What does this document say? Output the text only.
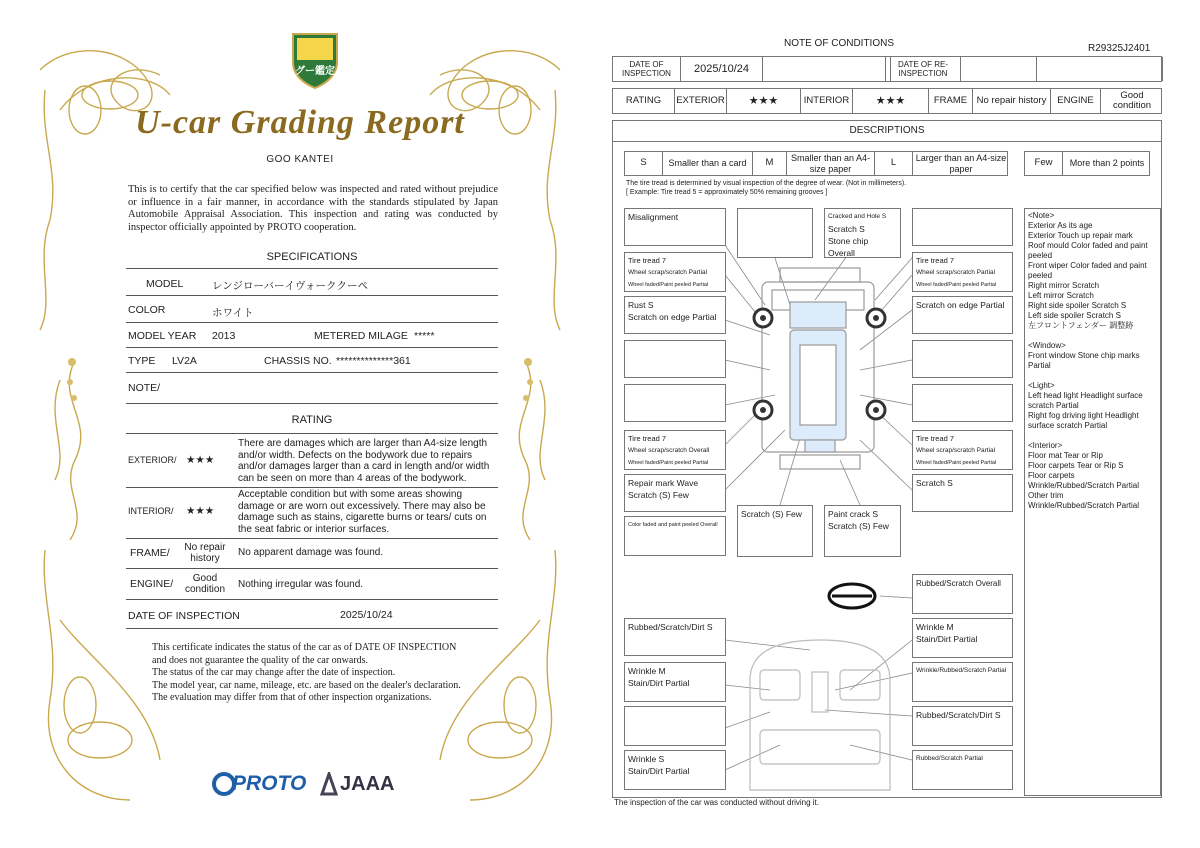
グー鑑定
U-car Grading Report
GOO KANTEI
This is to certify that the car specified below was inspected and rated without prejudice or influence in a fair manner, in accordance with the standards stipulated by Japan Automobile Appraisal Association. This inspection and rating was conducted by inspector officially appointed by PROTO cooperation.
SPECIFICATIONS
MODEL	レンジローバーイヴォーククーペ
COLOR	ホワイト
MODEL YEAR 2013	METERED MILAGE *****
TYPE LV2A	CHASSIS NO. **************361
NOTE/
RATING
EXTERIOR/ ★★★
There are damages which are larger than A4-size length and/or width. Defects on the bodywork due to repairs and/or damages larger than a card in length and/or width can be seen on more than 4 areas of the bodywork.
INTERIOR/ ★★★
Acceptable condition but with some areas showing damage or are worn out excessively. There may also be damage such as stains, cigarette burns or tears/ cuts on the seat fabric or interior surfaces.
FRAME/	No repair history
No apparent damage was found.
ENGINE/	Good condition	Nothing irregular was found.
DATE OF INSPECTION	2025/10/24
This certificate indicates the status of the car as of DATE OF INSPECTION and does not guarantee the quality of the car onwards.
The status of the car may change after the date of inspection.
The model year, car name, mileage, etc. are based on the dealer's declaration.
The evaluation may differ from that of other inspection organizations.
PROTO JAAA
NOTE OF CONDITIONS	R29325J2401
DATE OF INSPECTION	2025/10/24	DATE OF RE-INSPECTION
RATING	EXTERIOR	★★★	INTERIOR	★★★	FRAME	No repair history	ENGINE	Good condition
DESCRIPTIONS
S	Smaller than a card	M	Smaller than an A4-size paper
L	Larger than an A4-size paper
Few	More than 2 points
The tire tread is determined by visual inspection of the degree of wear. (Not in millimeters).
[ Example: Tire tread 5 = approximately 50% remaining grooves ]
Misalignment	Cracked and Hole S
Scratch S
Stone chip Overall
Tire tread 7
Wheel scrap/scratch Partial
Wheel faded/Paint peeled Partial
Tire tread 7
Wheel scrap/scratch Partial
Wheel faded/Paint peeled Partial
Rust S
Scratch on edge Partial
Scratch on edge Partial
Tire tread 7
Wheel scrap/scratch Overall
Wheel faded/Paint peeled Partial
Tire tread 7
Wheel scrap/scratch Partial
Wheel faded/Paint peeled Partial
Repair mark Wave
Scratch (S) Few
Scratch S
Color faded and paint peeled Overall
Scratch (S) Few	Paint crack S
Scratch (S) Few
Rubbed/Scratch Overall
Rubbed/Scratch/Dirt S	Wrinkle M
Stain/Dirt Partial
Wrinkle M
Stain/Dirt Partial
Wrinkle/Rubbed/Scratch Partial
Rubbed/Scratch/Dirt S
Wrinkle S
Stain/Dirt Partial
Rubbed/Scratch Partial
<Note>
Exterior As its age
Exterior Touch up repair mark
Roof mould Color faded and paint peeled
Front wiper Color faded and paint peeled
Right mirror Scratch
Left mirror Scratch
Right side spoiler Scratch S
Left side spoiler Scratch S
左フロントフェンダー 調整跡

<Window>
Front window Stone chip marks Partial

<Light>
Left head light Headlight surface scratch Partial
Right fog driving light Headlight surface scratch Partial

<Interior>
Floor mat Tear or Rip
Floor carpets Tear or Rip S
Floor carpets
Wrinkle/Rubbed/Scratch Partial
Other trim
Wrinkle/Rubbed/Scratch Partial
The inspection of the car was conducted without driving it.
